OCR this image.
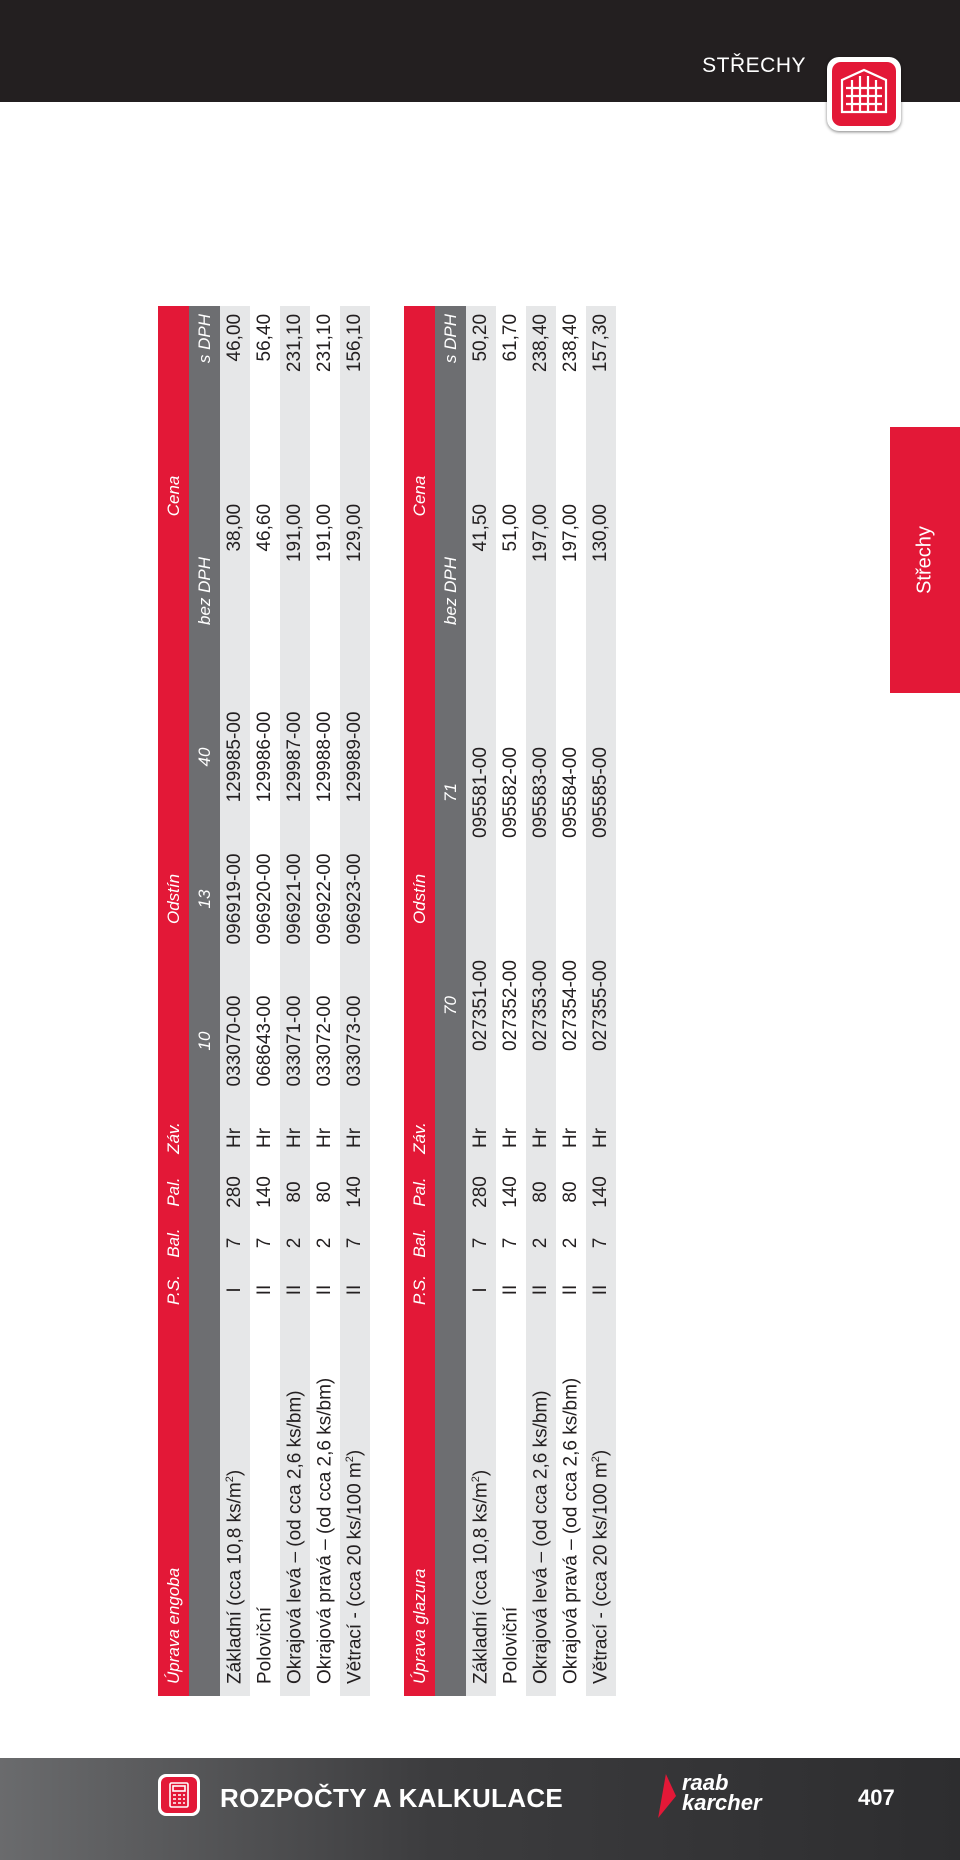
STŘECHY
Střechy
Úprava engoba	P.S.	Bal.	Pal.	Záv.	Odstín			Cena	
					10	13	40	bez DPH	s DPH
Základní (cca 10,8 $ks/m^2$)	I	7	280	Hr	033070-00	096919-00	129985-00	38,00	46,00
Poloviční	II	7	140	Hr	068643-00	096920-00	129986-00	46,60	56,40
Okrajová levá – (od cca 2,6 ks/bm)	II	2	80	Hr	033071-00	096921-00	129987-00	191,00	231,10
Okrajová pravá – (od cca 2,6 ks/bm)	II	2	80	Hr	033072-00	096922-00	129988-00	191,00	231,10
Větrací - (cca 20 ks/100 $m^2$)	II	7	140	Hr	033073-00	096923-00	129989-00	129,00	156,10
Úprava glazura	P.S.	Bal.	Pal.	Záv.	Odstín		Cena	
					70	71	bez DPH	s DPH
Základní (cca 10,8 $ks/m^2$)	I	7	280	Hr	027351-00	095581-00	41,50	50,20
Poloviční	II	7	140	Hr	027352-00	095582-00	51,00	61,70
Okrajová levá – (od cca 2,6 ks/bm)	II	2	80	Hr	027353-00	095583-00	197,00	238,40
Okrajová pravá – (od cca 2,6 ks/bm)	II	2	80	Hr	027354-00	095584-00	197,00	238,40
Větrací - (cca 20 ks/100 $m^2$)	II	7	140	Hr	027355-00	095585-00	130,00	157,30
ROZPOČTY A KALKULACE
raab
karcher	407
